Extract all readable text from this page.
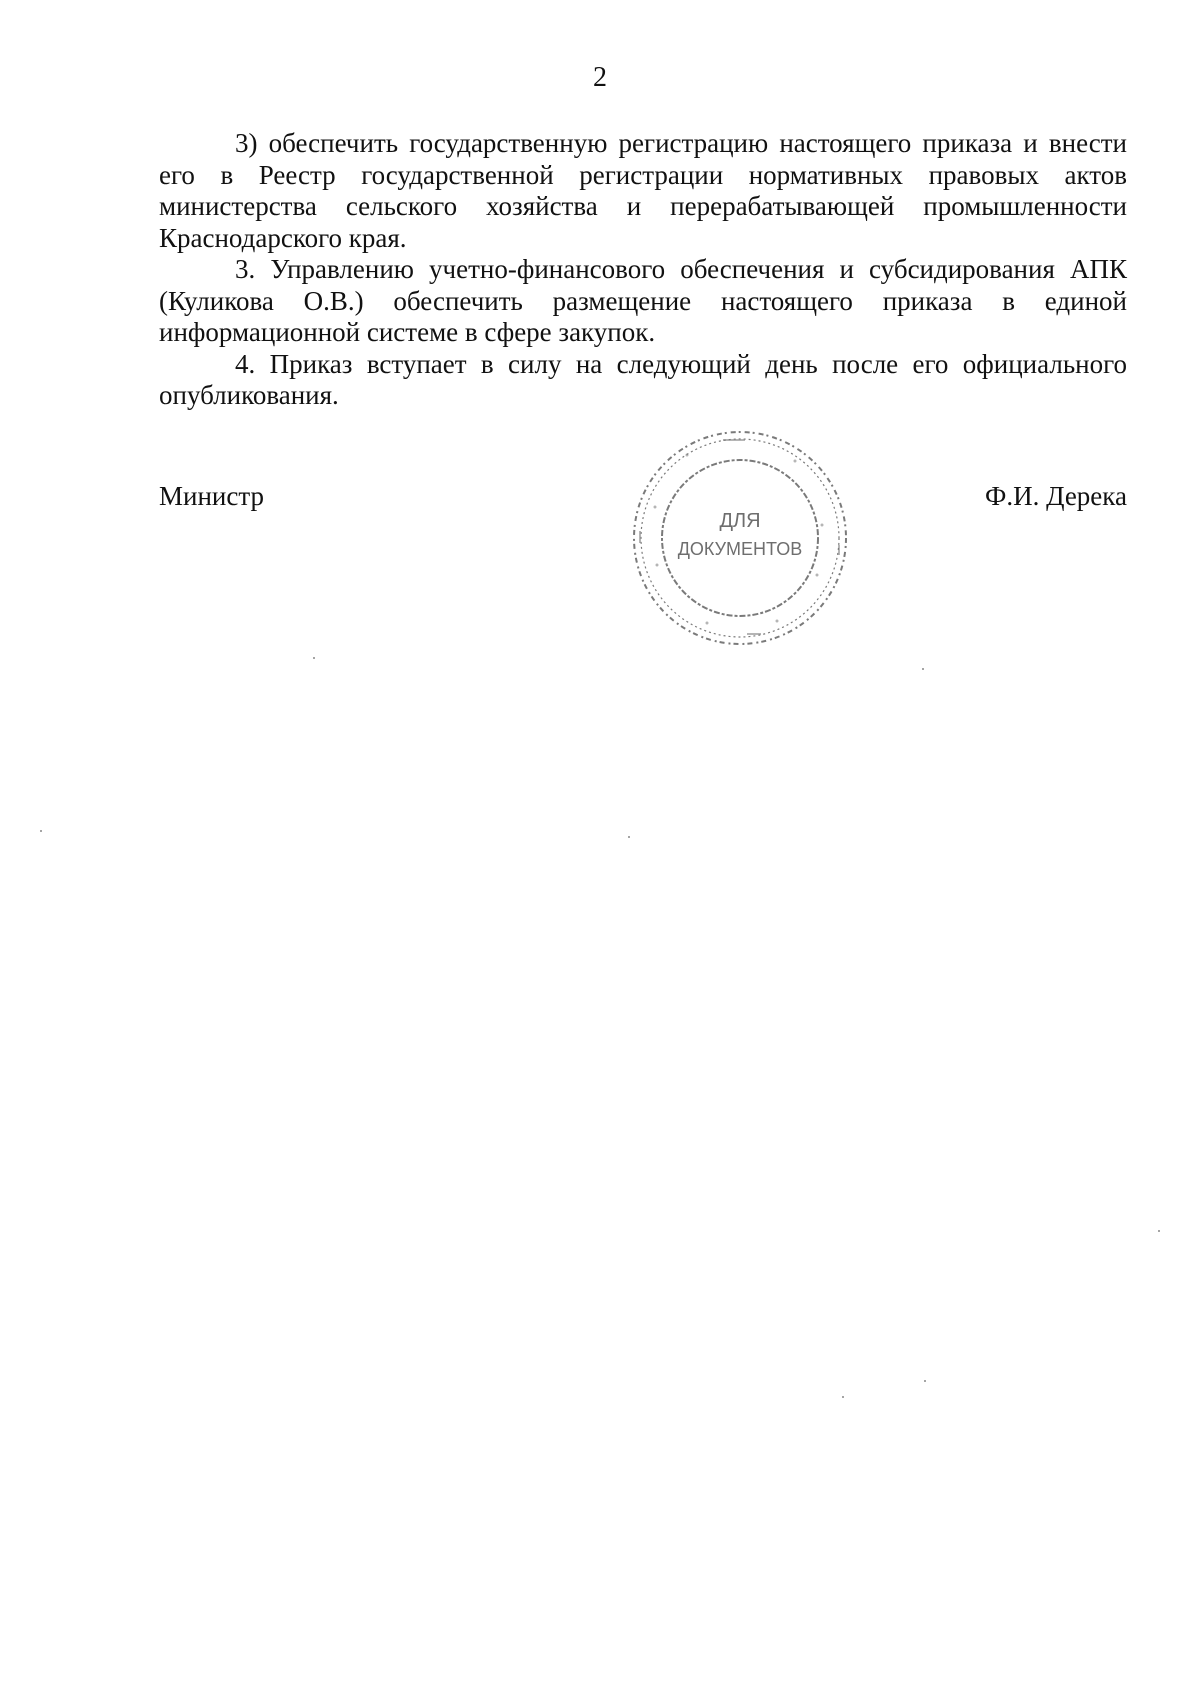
2

3) обеспечить государственную регистрацию настоящего приказа и внести его в Реестр государственной регистрации нормативных правовых актов министерства сельского хозяйства и перерабатывающей промышленности Краснодарского края.

3. Управлению учетно-финансового обеспечения и субсидирования АПК (Куликова О.В.) обеспечить размещение настоящего приказа в единой информационной системе в сфере закупок.

4. Приказ вступает в силу на следующий день после его официального опубликования.

Министр	Ф.И. Дерека
ДЛЯ
ДОКУМЕНТОВ
